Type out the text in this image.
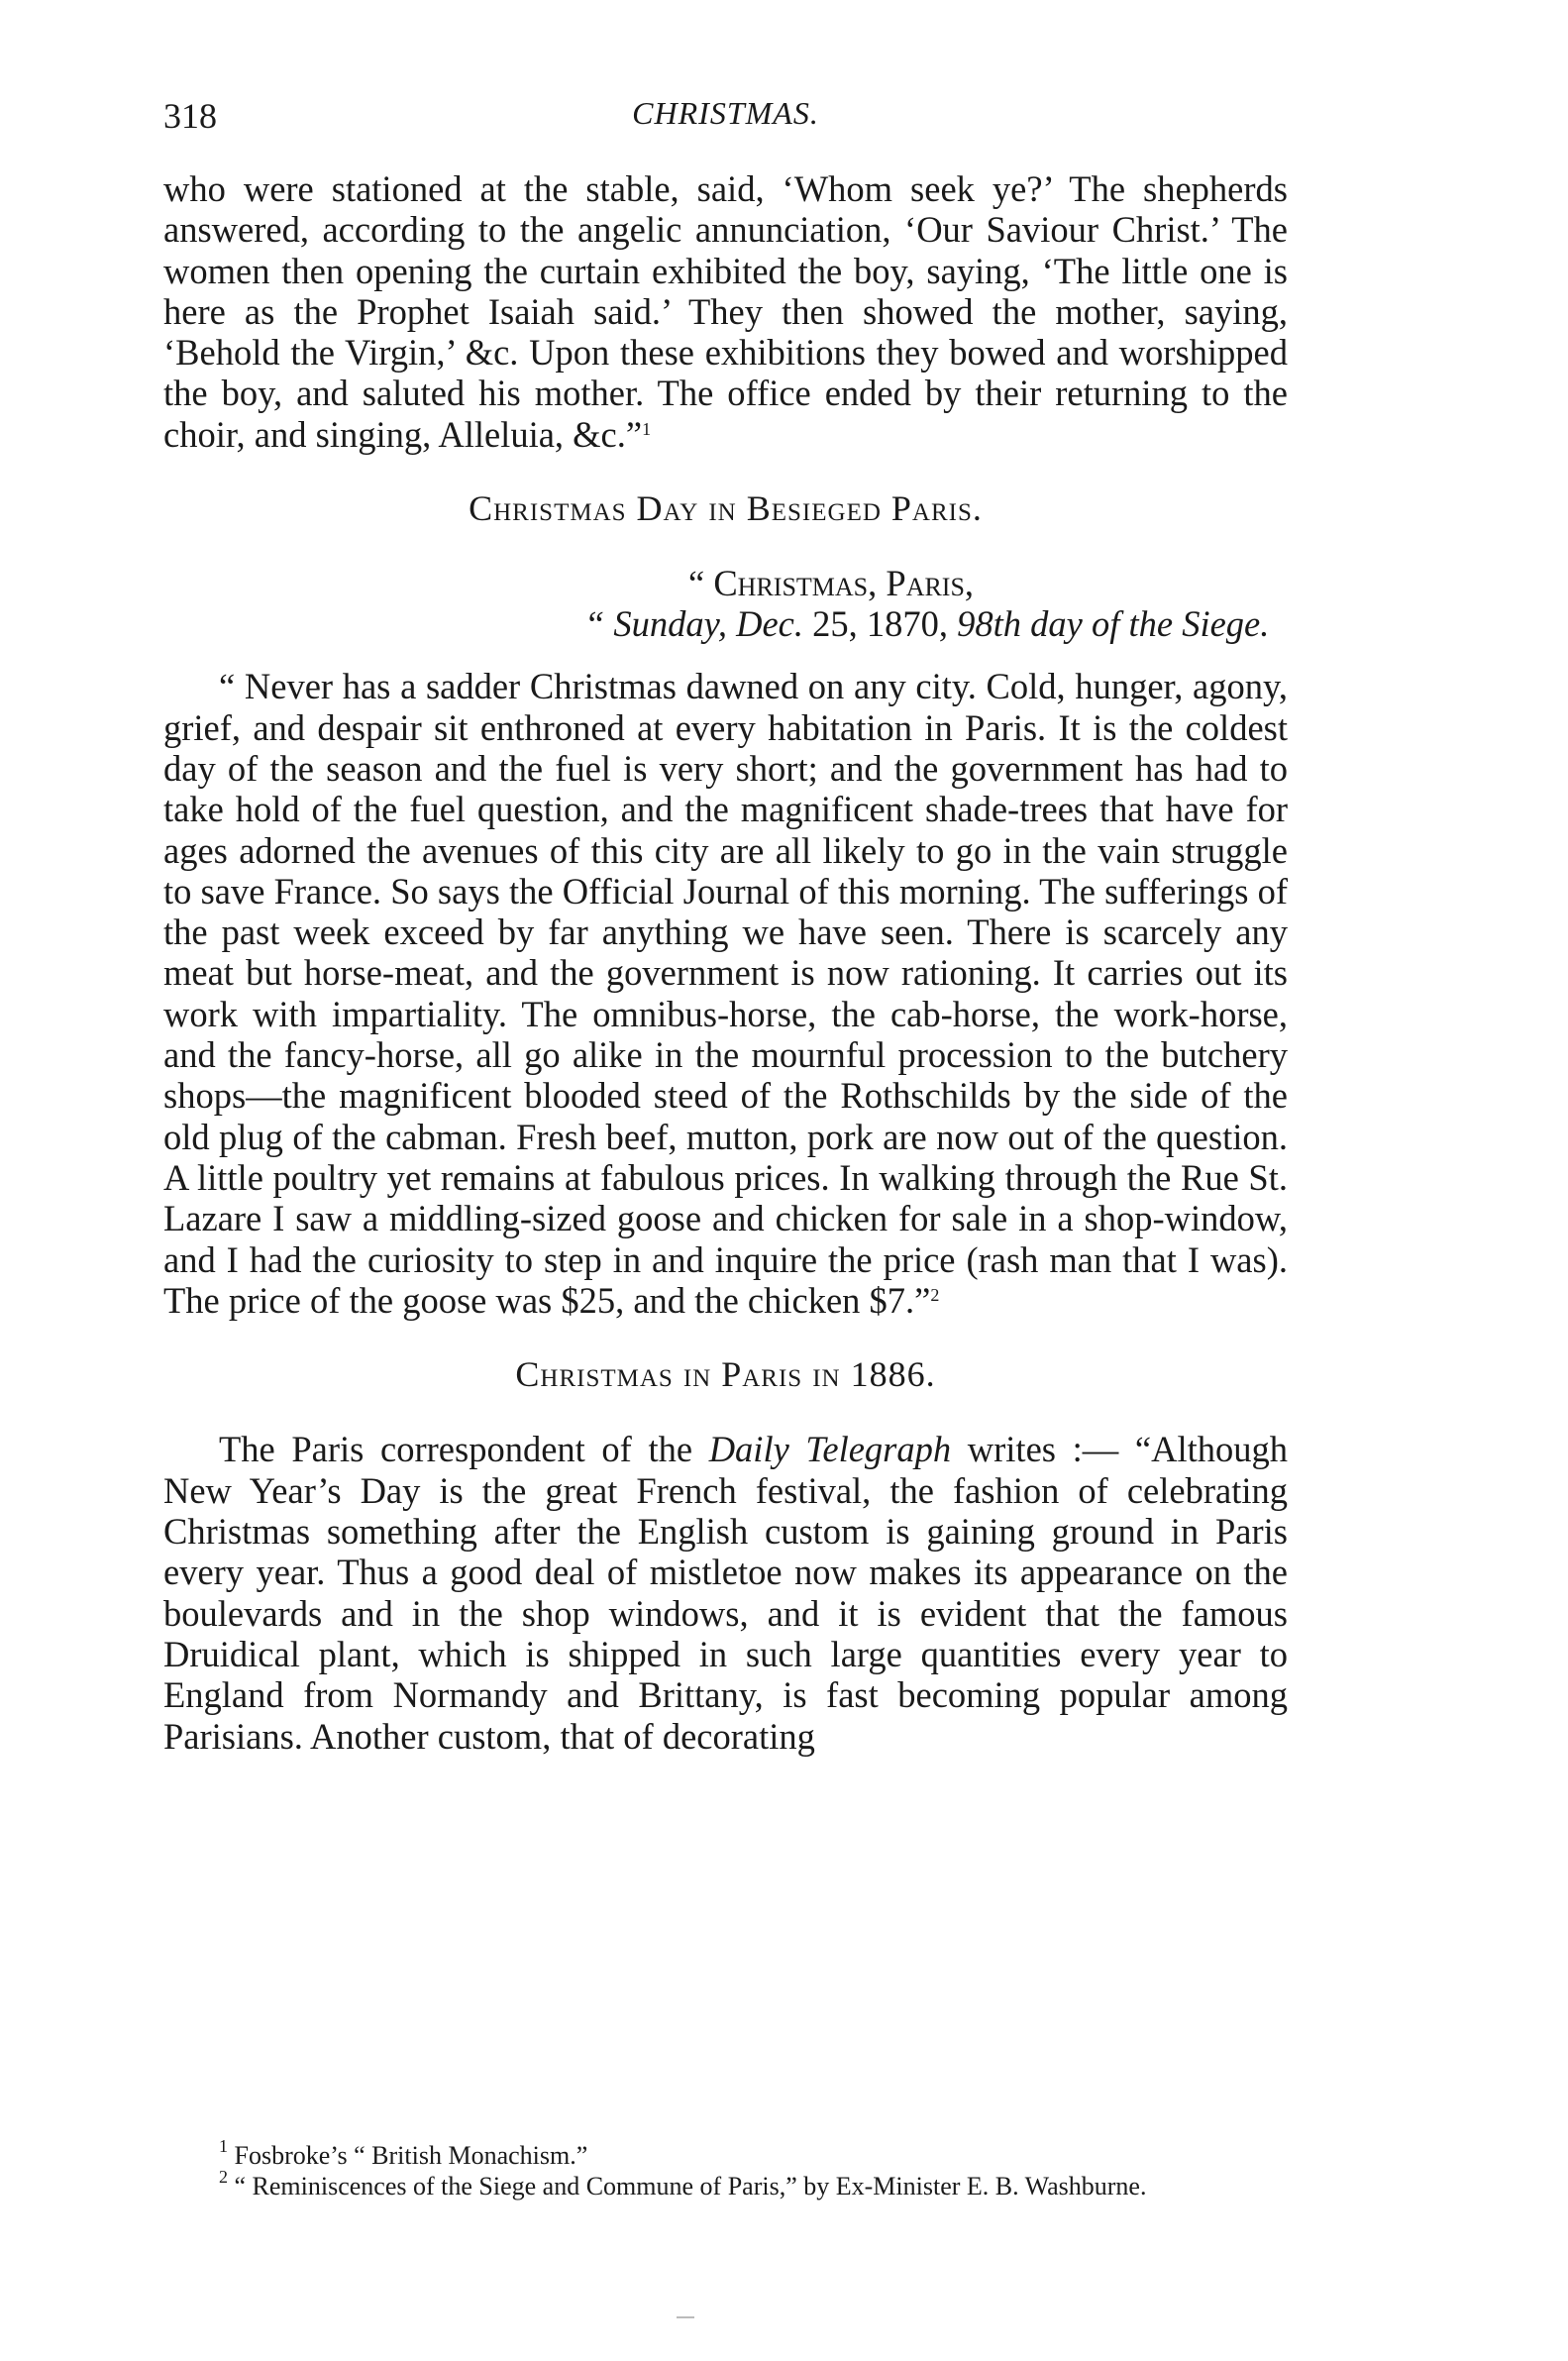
318	CHRISTMAS.

who were stationed at the stable, said, ‘Whom seek ye?’ The shepherds answered, according to the angelic annunciation, ‘Our Saviour Christ.’ The women then opening the curtain exhibited the boy, saying, ‘The little one is here as the Prophet Isaiah said.’ They then showed the mother, saying, ‘Behold the Virgin,’ &c. Upon these exhibitions they bowed and worshipped the boy, and saluted his mother. The office ended by their returning to the choir, and singing, Alleluia, &c.”$^1$

Christmas Day in Besieged Paris.
“ Christmas, Paris,
“ Sunday, Dec. 25, 1870, 98th day of the Siege.

“ Never has a sadder Christmas dawned on any city. Cold, hunger, agony, grief, and despair sit enthroned at every habitation in Paris. It is the coldest day of the season and the fuel is very short; and the government has had to take hold of the fuel question, and the magnificent shade-trees that have for ages adorned the avenues of this city are all likely to go in the vain struggle to save France. So says the Official Journal of this morning. The sufferings of the past week exceed by far anything we have seen. There is scarcely any meat but horse-meat, and the government is now rationing. It carries out its work with impartiality. The omnibus-horse, the cab-horse, the work-horse, and the fancy-horse, all go alike in the mournful procession to the butchery shops—the magnificent blooded steed of the Rothschilds by the side of the old plug of the cabman. Fresh beef, mutton, pork are now out of the question. A little poultry yet remains at fabulous prices. In walking through the Rue St. Lazare I saw a middling-sized goose and chicken for sale in a shop-window, and I had the curiosity to step in and inquire the price (rash man that I was). The price of the goose was $25, and the chicken $7.”$^2$

Christmas in Paris in 1886.

The Paris correspondent of the Daily Telegraph writes :— “Although New Year’s Day is the great French festival, the fashion of celebrating Christmas something after the English custom is gaining ground in Paris every year. Thus a good deal of mistletoe now makes its appearance on the boulevards and in the shop windows, and it is evident that the famous Druidical plant, which is shipped in such large quantities every year to England from Normandy and Brittany, is fast becoming popular among Parisians. Another custom, that of decorating

$^1$ Fosbroke’s “ British Monachism.”

$^2$ “ Reminiscences of the Siege and Commune of Paris,” by Ex-Minister E. B. Washburne.
